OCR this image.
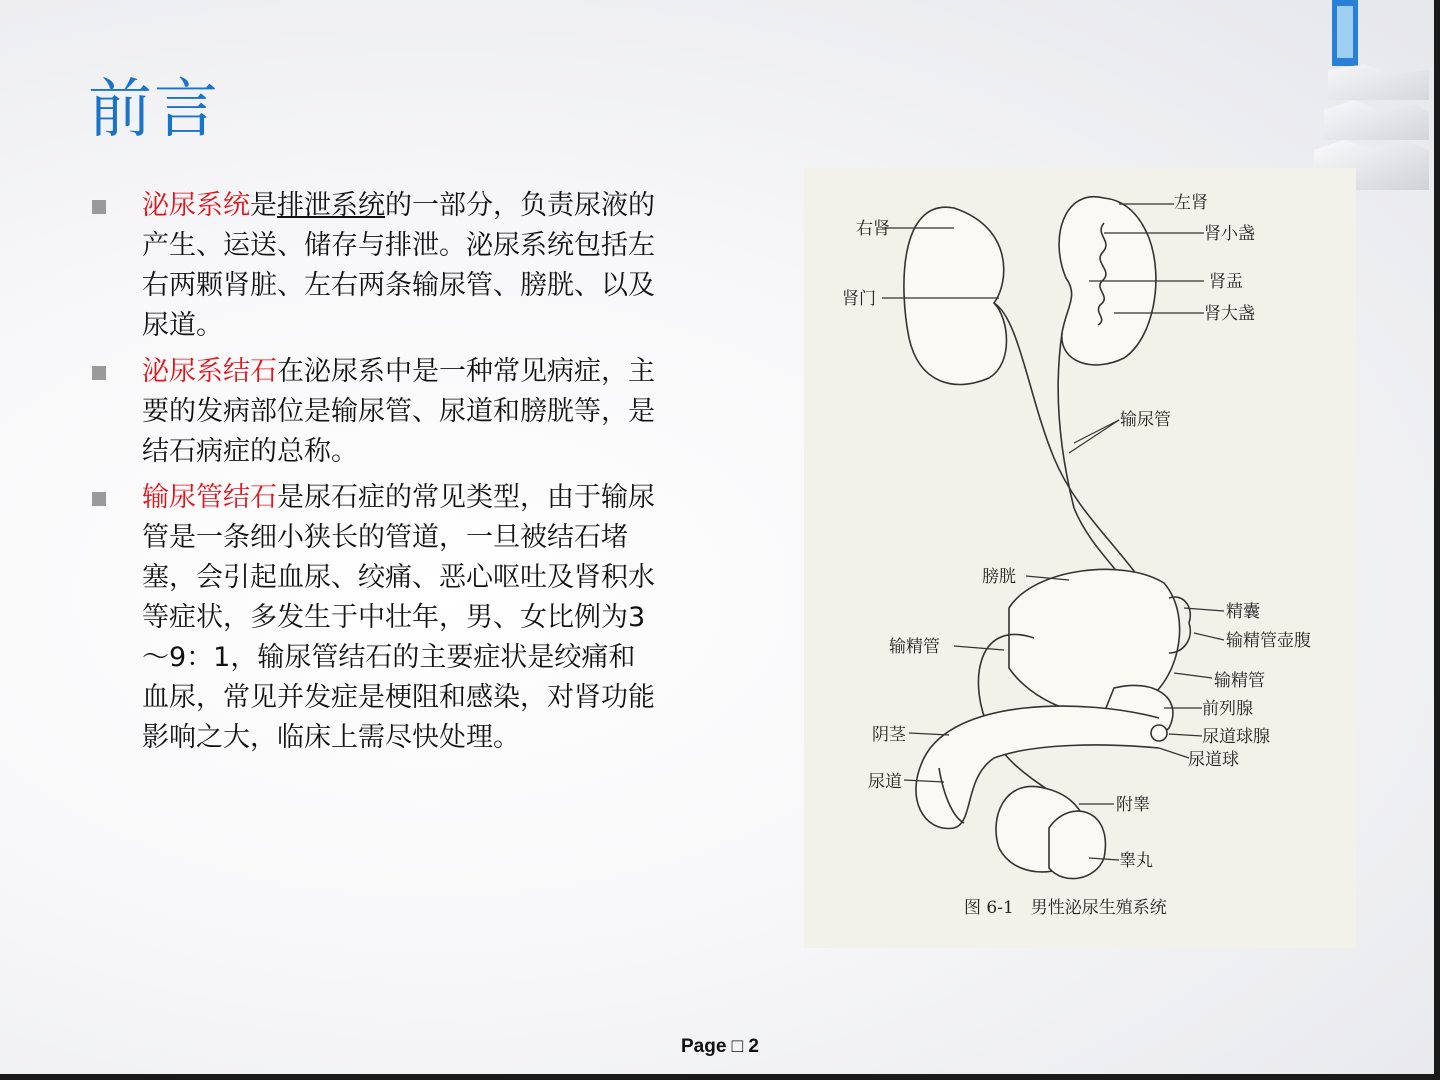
前言
泌尿系统是排泄系统的一部分，负责尿液的产生、运送、储存与排泄。泌尿系统包括左右两颗肾脏、左右两条输尿管、膀胱、以及尿道。
泌尿系结石在泌尿系中是一种常见病症，主要的发病部位是输尿管、尿道和膀胱等，是结石病症的总称。
输尿管结石是尿石症的常见类型，由于输尿管是一条细小狭长的管道，一旦被结石堵塞，会引起血尿、绞痛、恶心呕吐及肾积水等症状，多发生于中壮年，男、女比例为3～9：1，输尿管结石的主要症状是绞痛和血尿，常见并发症是梗阻和感染，对肾功能影响之大，临床上需尽快处理。
右肾
左肾
肾小盏
肾门
肾盂
肾大盏
输尿管
膀胱
精囊
输精管壶腹
输精管
输精管
前列腺
阴茎	尿道球腺
尿道球
尿道
附睾
睾丸
图 6-1　男性泌尿生殖系统
Page □ 2
